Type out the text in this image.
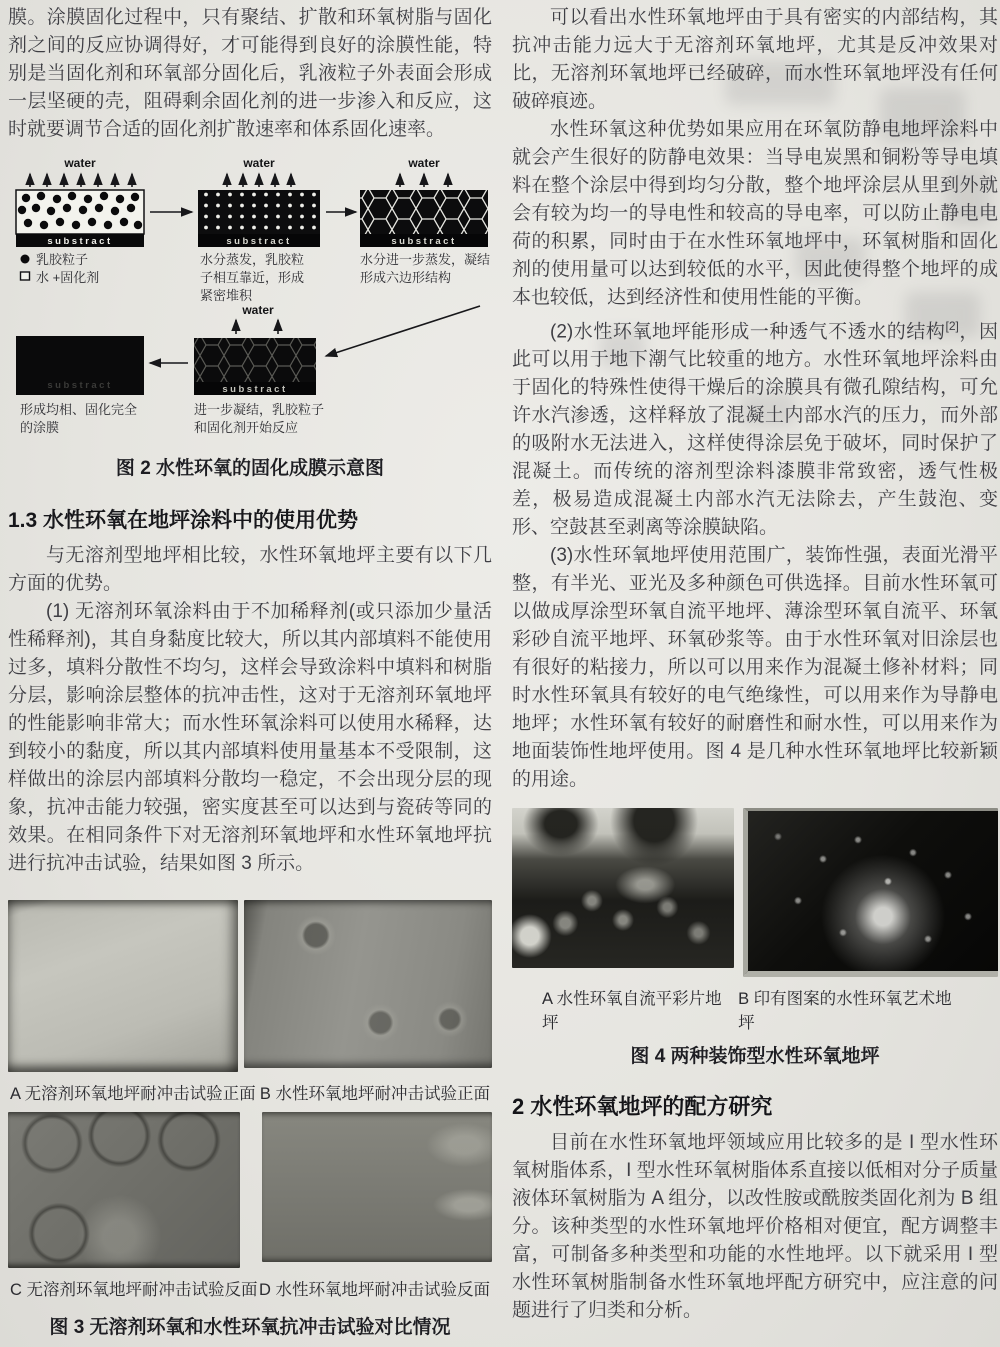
膜。涂膜固化过程中，只有聚结、扩散和环氧树脂与固化剂之间的反应协调得好，才可能得到良好的涂膜性能，特别是当固化剂和环氧部分固化后，乳液粒子外表面会形成一层坚硬的壳，阻碍剩余固化剂的进一步渗入和反应，这时就要调节合适的固化剂扩散速率和体系固化速率。

water
substract
water
substract
water
substract
乳胶粒子
水 +固化剂
水分蒸发，乳胶粒
子相互靠近，形成
紧密堆积
水分进一步蒸发，凝结
形成六边形结构
water
substract
substract
形成均相、固化完全
的涂膜
进一步凝结，乳胶粒子
和固化剂开始反应

图 2 水性环氧的固化成膜示意图

1.3 水性环氧在地坪涂料中的使用优势

与无溶剂型地坪相比较，水性环氧地坪主要有以下几方面的优势。

(1) 无溶剂环氧涂料由于不加稀释剂(或只添加少量活性稀释剂)，其自身黏度比较大，所以其内部填料不能使用过多，填料分散性不均匀，这样会导致涂料中填料和树脂分层，影响涂层整体的抗冲击性，这对于无溶剂环氧地坪的性能影响非常大；而水性环氧涂料可以使用水稀释，达到较小的黏度，所以其内部填料使用量基本不受限制，这样做出的涂层内部填料分散均一稳定，不会出现分层的现象，抗冲击能力较强，密实度甚至可以达到与瓷砖等同的效果。在相同条件下对无溶剂环氧地坪和水性环氧地坪抗进行抗冲击试验，结果如图 3 所示。

A 无溶剂环氧地坪耐冲击试验正面 B 水性环氧地坪耐冲击试验正面
C 无溶剂环氧地坪耐冲击试验反面 D 水性环氧地坪耐冲击试验反面

图 3 无溶剂环氧和水性环氧抗冲击试验对比情况

可以看出水性环氧地坪由于具有密实的内部结构，其抗冲击能力远大于无溶剂环氧地坪，尤其是反冲效果对比，无溶剂环氧地坪已经破碎，而水性环氧地坪没有任何破碎痕迹。

水性环氧这种优势如果应用在环氧防静电地坪涂料中就会产生很好的防静电效果：当导电炭黑和铜粉等导电填料在整个涂层中得到均匀分散，整个地坪涂层从里到外就会有较为均一的导电性和较高的导电率，可以防止静电电荷的积累，同时由于在水性环氧地坪中，环氧树脂和固化剂的使用量可以达到较低的水平，因此使得整个地坪的成本也较低，达到经济性和使用性能的平衡。

(2)水性环氧地坪能形成一种透气不透水的结构[2]，因此可以用于地下潮气比较重的地方。水性环氧地坪涂料由于固化的特殊性使得干燥后的涂膜具有微孔隙结构，可允许水汽渗透，这样释放了混凝土内部水汽的压力，而外部的吸附水无法进入，这样使得涂层免于破坏，同时保护了混凝土。而传统的溶剂型涂料漆膜非常致密，透气性极差，极易造成混凝土内部水汽无法除去，产生鼓泡、变形、空鼓甚至剥离等涂膜缺陷。

(3)水性环氧地坪使用范围广，装饰性强，表面光滑平整，有半光、亚光及多种颜色可供选择。目前水性环氧可以做成厚涂型环氧自流平地坪、薄涂型环氧自流平、环氧彩砂自流平地坪、环氧砂浆等。由于水性环氧对旧涂层也有很好的粘接力，所以可以用来作为混凝土修补材料；同时水性环氧具有较好的电气绝缘性，可以用来作为导静电地坪；水性环氧有较好的耐磨性和耐水性，可以用来作为地面装饰性地坪使用。图 4 是几种水性环氧地坪比较新颖的用途。

A 水性环氧自流平彩片地坪
B 印有图案的水性环氧艺术地坪

图 4 两种装饰型水性环氧地坪

2 水性环氧地坪的配方研究

目前在水性环氧地坪领域应用比较多的是 I 型水性环氧树脂体系，I 型水性环氧树脂体系直接以低相对分子质量液体环氧树脂为 A 组分，以改性胺或酰胺类固化剂为 B 组分。该种类型的水性环氧地坪价格相对便宜，配方调整丰富，可制备多种类型和功能的水性地坪。以下就采用 I 型水性环氧树脂制备水性环氧地坪配方研究中，应注意的问题进行了归类和分析。
